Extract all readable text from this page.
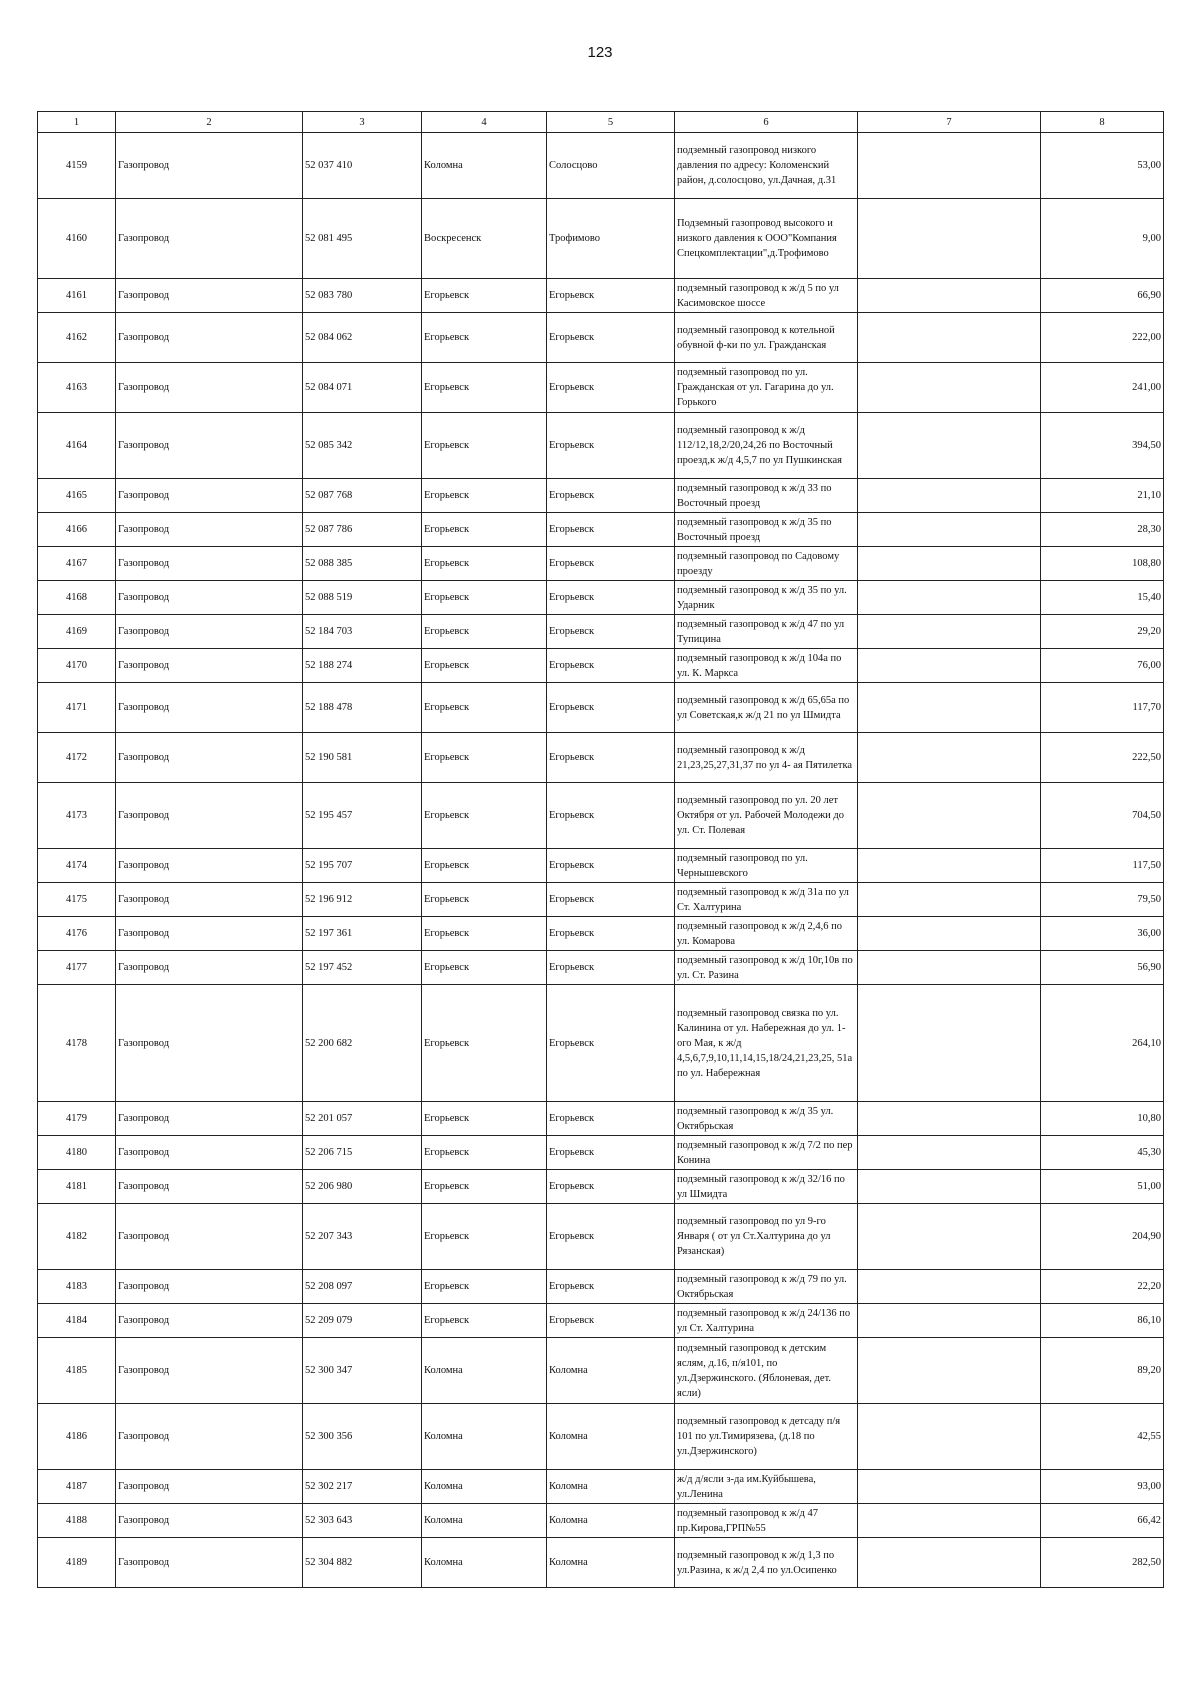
123
1	2	3	4	5	6	7	8
4159	Газопровод	52 037 410	Коломна	Солосцово	подземный газопровод низкого давления по адресу: Коломенский район, д.солосцово, ул.Дачная, д.31		53,00
4160	Газопровод	52 081 495	Воскресенск	Трофимово	Подземный газопровод высокого и низкого давления к ООО"Компания Спецкомплектации",д.Трофимово		9,00
4161	Газопровод	52 083 780	Егорьевск	Егорьевск	подземный газопровод к ж/д 5 по ул Касимовское шоссе		66,90
4162	Газопровод	52 084 062	Егорьевск	Егорьевск	подземный газопровод к котельной обувной ф-ки по ул. Гражданская		222,00
4163	Газопровод	52 084 071	Егорьевск	Егорьевск	подземный газопровод по ул. Гражданская от ул. Гагарина до ул. Горького		241,00
4164	Газопровод	52 085 342	Егорьевск	Егорьевск	подземный газопровод к ж/д 112/12,18,2/20,24,26 по Восточный проезд,к ж/д 4,5,7 по ул Пушкинская		394,50
4165	Газопровод	52 087 768	Егорьевск	Егорьевск	подземный газопровод к ж/д 33 по Восточный проезд		21,10
4166	Газопровод	52 087 786	Егорьевск	Егорьевск	подземный газопровод к ж/д 35 по Восточный проезд		28,30
4167	Газопровод	52 088 385	Егорьевск	Егорьевск	подземный газопровод по Садовому проезду		108,80
4168	Газопровод	52 088 519	Егорьевск	Егорьевск	подземный газопровод к ж/д 35 по ул. Ударник		15,40
4169	Газопровод	52 184 703	Егорьевск	Егорьевск	подземный газопровод к ж/д 47 по ул Тупицина		29,20
4170	Газопровод	52 188 274	Егорьевск	Егорьевск	подземный газопровод к ж/д 104а по ул. К. Маркса		76,00
4171	Газопровод	52 188 478	Егорьевск	Егорьевск	подземный газопровод к ж/д 65,65а по ул Советская,к ж/д 21 по ул Шмидта		117,70
4172	Газопровод	52 190 581	Егорьевск	Егорьевск	подземный газопровод к ж/д 21,23,25,27,31,37 по ул 4- ая Пятилетка		222,50
4173	Газопровод	52 195 457	Егорьевск	Егорьевск	подземный газопровод по ул. 20 лет Октября от ул. Рабочей Молодежи до ул. Ст. Полевая		704,50
4174	Газопровод	52 195 707	Егорьевск	Егорьевск	подземный газопровод по ул. Чернышевского		117,50
4175	Газопровод	52 196 912	Егорьевск	Егорьевск	подземный газопровод к ж/д 31а по ул Ст. Халтурина		79,50
4176	Газопровод	52 197 361	Егорьевск	Егорьевск	подземный газопровод к ж/д 2,4,6 по ул. Комарова		36,00
4177	Газопровод	52 197 452	Егорьевск	Егорьевск	подземный газопровод к ж/д 10г,10в по ул. Ст. Разина		56,90
4178	Газопровод	52 200 682	Егорьевск	Егорьевск	подземный газопровод связка по ул. Калинина от ул. Набережная до ул. 1-ого Мая, к ж/д 4,5,6,7,9,10,11,14,15,18/24,21,23,25, 51а по ул. Набережная		264,10
4179	Газопровод	52 201 057	Егорьевск	Егорьевск	подземный газопровод к ж/д 35 ул. Октябрьская		10,80
4180	Газопровод	52 206 715	Егорьевск	Егорьевск	подземный газопровод к ж/д 7/2 по пер Конина		45,30
4181	Газопровод	52 206 980	Егорьевск	Егорьевск	подземный газопровод к ж/д 32/16 по ул Шмидта		51,00
4182	Газопровод	52 207 343	Егорьевск	Егорьевск	подземный газопровод по ул 9-го Января ( от ул Ст.Халтурина до ул Рязанская)		204,90
4183	Газопровод	52 208 097	Егорьевск	Егорьевск	подземный газопровод к ж/д 79 по ул. Октябрьская		22,20
4184	Газопровод	52 209 079	Егорьевск	Егорьевск	подземный газопровод к ж/д 24/136 по ул Ст. Халтурина		86,10
4185	Газопровод	52 300 347	Коломна	Коломна	подземный газопровод к детским яслям, д.16, п/я101, по ул.Дзержинского. (Яблоневая, дет. ясли)		89,20
4186	Газопровод	52 300 356	Коломна	Коломна	подземный газопровод к детсаду п/я 101 по ул.Тимирязева, (д.18 по ул.Дзержинского)		42,55
4187	Газопровод	52 302 217	Коломна	Коломна	ж/д д/ясли з-да им.Куйбышева, ул.Ленина		93,00
4188	Газопровод	52 303 643	Коломна	Коломна	подземный газопровод к ж/д 47 пр.Кирова,ГРП№55		66,42
4189	Газопровод	52 304 882	Коломна	Коломна	подземный газопровод к ж/д 1,3 по ул.Разина, к ж/д 2,4 по ул.Осипенко		282,50
